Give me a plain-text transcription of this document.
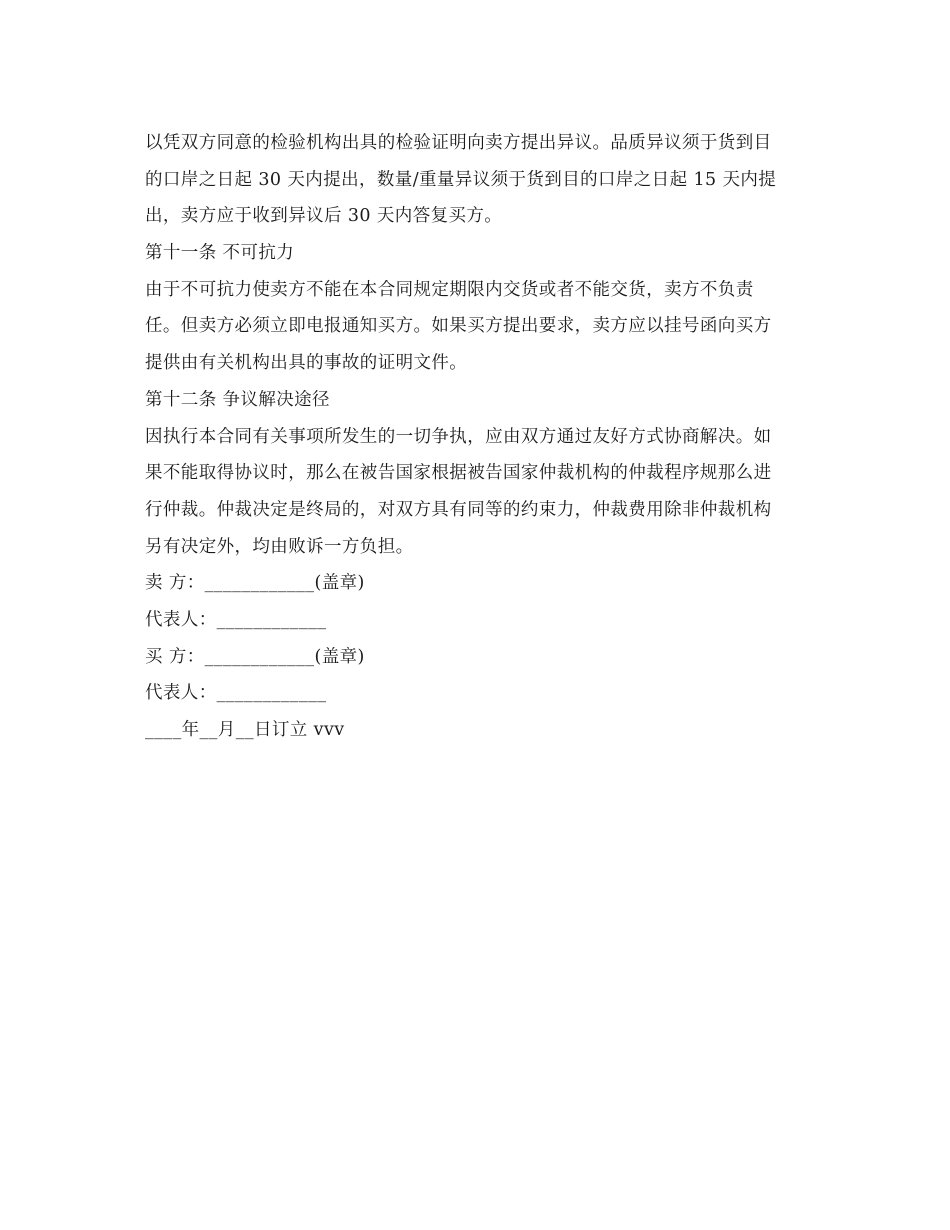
以凭双方同意的检验机构出具的检验证明向卖方提出异议。品质异议须于货到目
的口岸之日起 30 天内提出，数量/重量异议须于货到目的口岸之日起 15 天内提
出，卖方应于收到异议后 30 天内答复买方。
第十一条 不可抗力
由于不可抗力使卖方不能在本合同规定期限内交货或者不能交货，卖方不负责
任。但卖方必须立即电报通知买方。如果买方提出要求，卖方应以挂号函向买方
提供由有关机构出具的事故的证明文件。
第十二条 争议解决途径
因执行本合同有关事项所发生的一切争执，应由双方通过友好方式协商解决。如
果不能取得协议时，那么在被告国家根据被告国家仲裁机构的仲裁程序规那么进
行仲裁。仲裁决定是终局的，对双方具有同等的约束力，仲裁费用除非仲裁机构
另有决定外，均由败诉一方负担。
卖 方：____________(盖章)
代表人：____________
买 方：____________(盖章)
代表人：____________
____年__月__日订立 vvv
